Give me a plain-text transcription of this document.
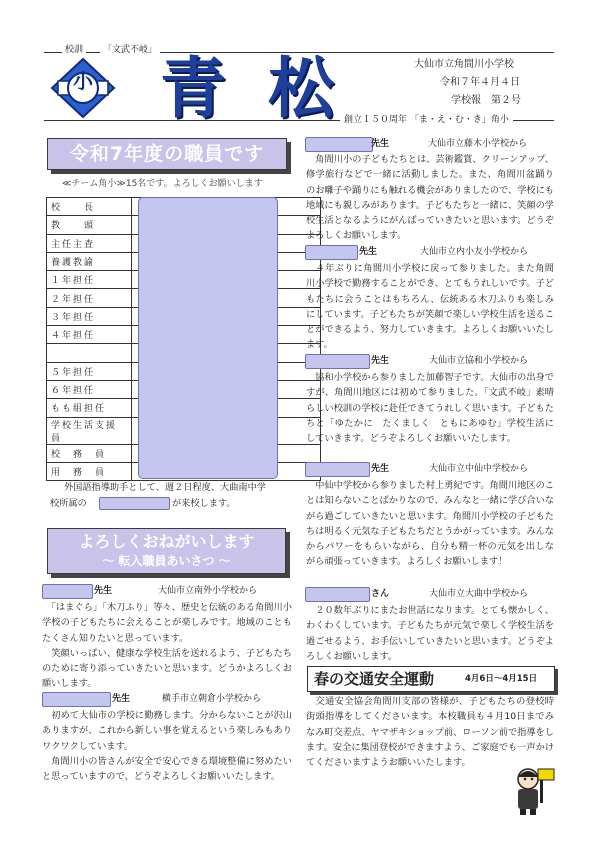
校訓	「文武不岐」
小 青 松	大仙市立角間川小学校
令和７年４月４日
学校報　第２号
創立１５０周年 「ま・え・む・き」角小
令和7年度の職員です
≪チーム角小≫15名です。よろしくお願いします
校　　長	
教　　頭	
主任主査	
養護教諭	
１年担任	
２年担任	
３年担任	
４年担任	

５年担任	
６年担任	
もも組担任	
学校生活支援員	
校　務　員	
用　務　員	
外国語指導助手として、週２日程度、大曲南中学
校所属の	が来校します。
よろしくおねがいします
～ 転入職員あいさつ ～
先生	大仙市立南外小学校から
　「はまぐら」「木刀ふり」等々、歴史と伝統のある角間川小学校の子どもたちに会えることが楽しみです。地域のこともたくさん知りたいと思っています。
　笑顔いっぱい、健康な学校生活を送れるよう、子どもたちのために寄り添っていきたいと思います。どうかよろしくお願いします。
先生	横手市立朝倉小学校から
　初めて大仙市の学校に勤務します。分からないことが沢山ありますが、これから新しい事を覚えるという楽しみもありワクワクしています。
　角間川小の皆さんが安全で安心できる環境整備に努めたいと思っていますので、どうぞよろしくお願いいたします。
先生	大仙市立藤木小学校から
　角間川小の子どもたちとは、芸術鑑賞、クリーンアップ、修学旅行などで一緒に活動しました。また、角間川盆踊りのお囃子や踊りにも触れる機会がありましたので、学校にも地域にも親しみがあります。子どもたちと一緒に、笑顔の学校生活となるようにがんばっていきたいと思います。どうぞよろしくお願いします。
先生	大仙市立内小友小学校から
　４年ぶりに角間川小学校に戻って参りました。また角間川小学校で勤務することができ、とてもうれしいです。子どもたちに会うことはもちろん、伝統ある木刀ふりも楽しみにしています。子どもたちが笑顔で楽しい学校生活を送ることができるよう、努力していきます。よろしくお願いいたします。
先生	大仙市立協和小学校から
　協和小学校から参りました加藤智子です。大仙市の出身ですが、角間川地区には初めて参りました。「文武不岐」素晴らしい校訓の学校に赴任できてうれしく思います。子どもたちと「ゆたかに　たくましく　ともにあゆむ」学校生活にしていきます。どうぞよろしくお願いいたします。
先生	大仙市立中仙中学校から
　中仙中学校から参りました村上勇紀です。角間川地区のことは知らないことばかりなので、みんなと一緒に学び合いながら過ごしていきたいと思います。角間川小学校の子どもたちは明るく元気な子どもたちだとうかがっています。みんなからパワーをもらいながら、自分も精一杯の元気を出しながら頑張っていきます。よろしくお願いします！
さん	大仙市立大曲中学校から
　２０数年ぶりにまたお世話になります。とても懐かしく、わくわくしています。子どもたちが元気で楽しく学校生活を過ごせるよう、お手伝いしていきたいと思います。どうぞよろしくお願いします。
春の交通安全運動	4月6日～4月15日
　交通安全協会角間川支部の皆様が、子どもたちの登校時街頭指導をしてくださいます。本校職員も４月10日までみなみ町交差点、ヤマザキショップ前、ローソン前で指導をします。安全に集団登校ができますよう、ご家庭でも一声かけてくださいますようお願いいたします。
